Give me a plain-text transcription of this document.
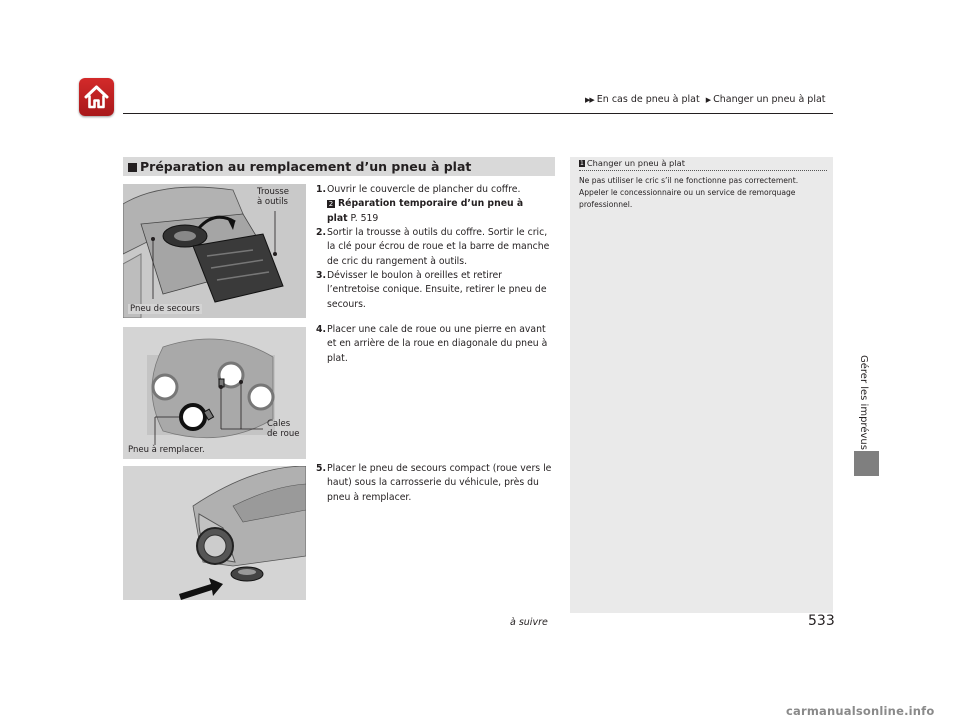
▶▶ En cas de pneu à plat ▶ Changer un pneu à plat
Gérer les imprévus
Préparation au remplacement d’un pneu à plat
Trousse
à outils
Pneu de secours
Cales
de roue
Pneu à remplacer.
1. Ouvrir le couvercle de plancher du coffre.
2 Réparation temporaire d’un pneu à
plat P. 519
2. Sortir la trousse à outils du coffre. Sortir le cric, la clé pour écrou de roue et la barre de manche de cric du rangement à outils.
3. Dévisser le boulon à oreilles et retirer l’entretoise conique. Ensuite, retirer le pneu de secours.
4. Placer une cale de roue ou une pierre en avant et en arrière de la roue en diagonale du pneu à plat.
5. Placer le pneu de secours compact (roue vers le haut) sous la carrosserie du véhicule, près du pneu à remplacer.
1 Changer un pneu à plat
Ne pas utiliser le cric s’il ne fonctionne pas correctement. Appeler le concessionnaire ou un service de remorquage professionnel.
à suivre	533
carmanualsonline.info
